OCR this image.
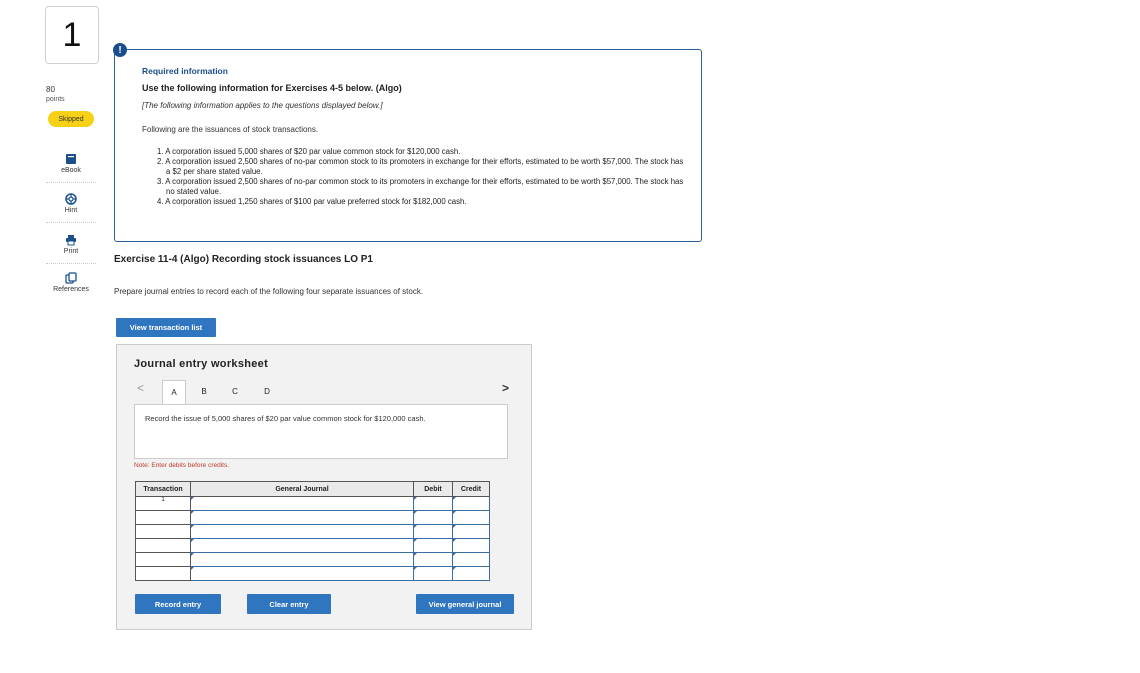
1
80
points
Skipped
eBook
Hint
Print
References
!
Required information
Use the following information for Exercises 4-5 below. (Algo)
[The following information applies to the questions displayed below.]
Following are the issuances of stock transactions.
1. A corporation issued 5,000 shares of $20 par value common stock for $120,000 cash.
2. A corporation issued 2,500 shares of no-par common stock to its promoters in exchange for their efforts, estimated to be worth $57,000. The stock has a $2 per share stated value.
3. A corporation issued 2,500 shares of no-par common stock to its promoters in exchange for their efforts, estimated to be worth $57,000. The stock has no stated value.
4. A corporation issued 1,250 shares of $100 par value preferred stock for $182,000 cash.
Exercise 11-4 (Algo) Recording stock issuances LO P1
Prepare journal entries to record each of the following four separate issuances of stock.
View transaction list
Journal entry worksheet
<	A	B	C	D	>
Record the issue of 5,000 shares of $20 par value common stock for $120,000 cash.
Note: Enter debits before credits.
Transaction	General Journal	Debit	Credit
1			

Record entry	Clear entry	View general journal
